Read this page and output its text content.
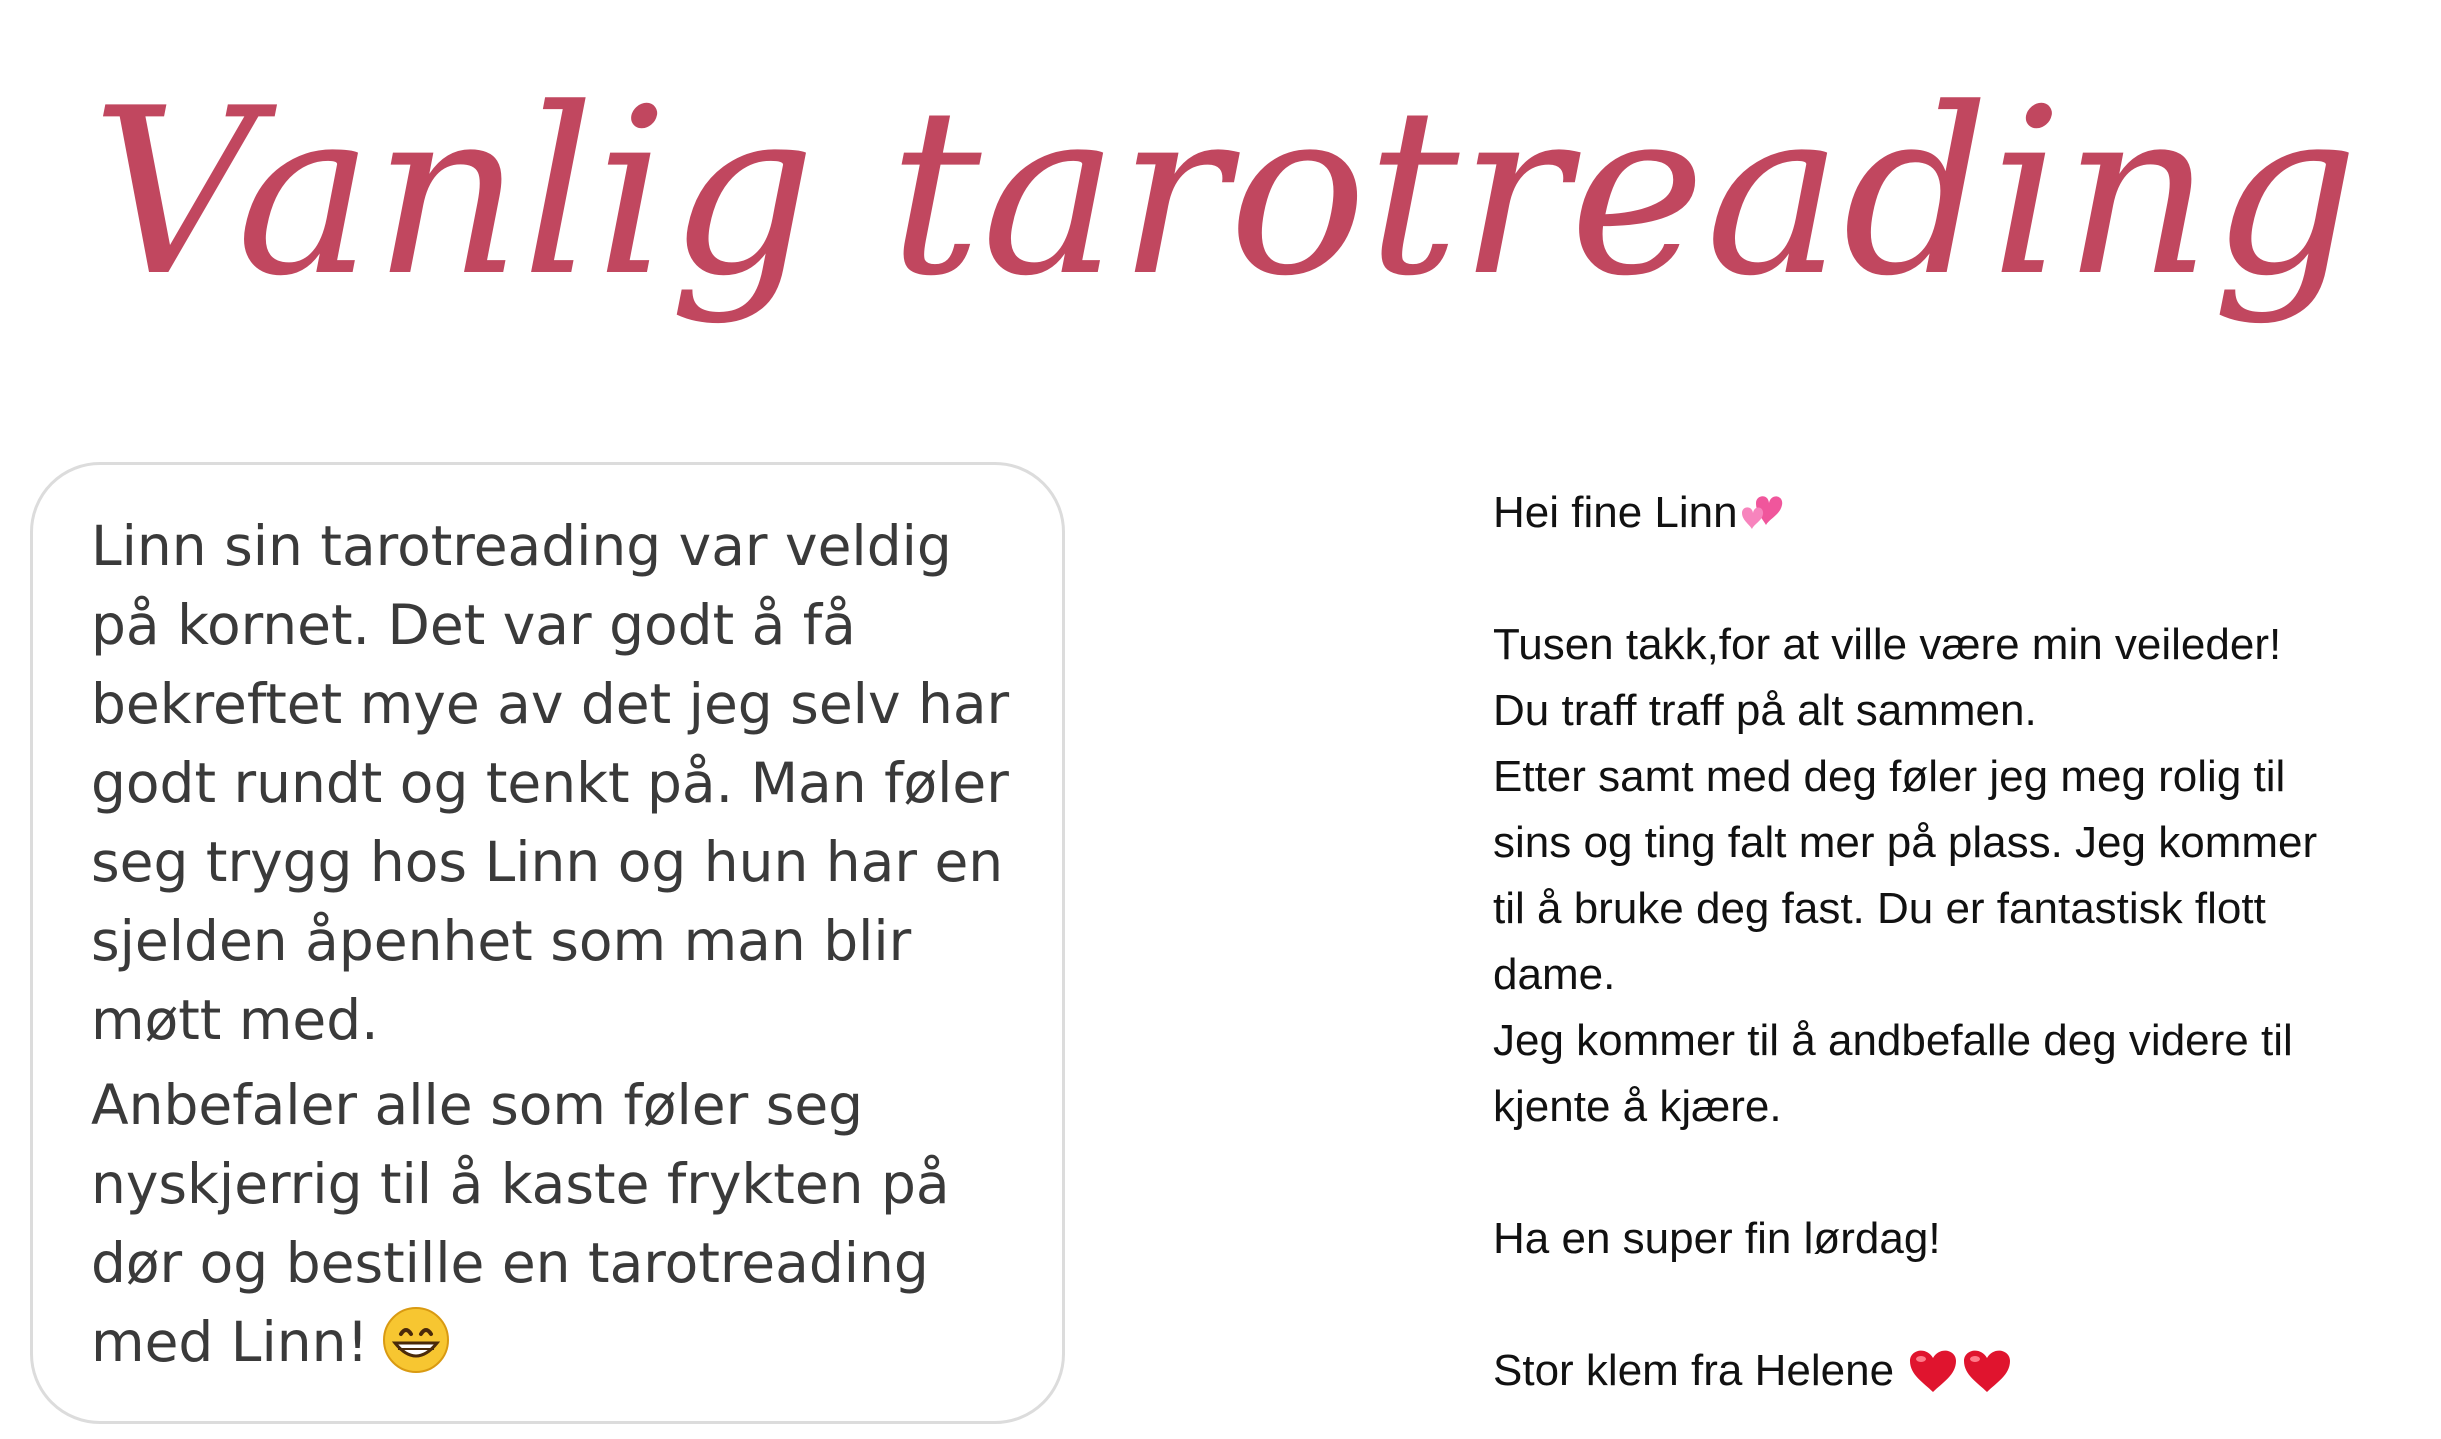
Vanlig tarotreading

Linn sin tarotreading var veldig
på kornet. Det var godt å få
bekreftet mye av det jeg selv har
godt rundt og tenkt på. Man føler
seg trygg hos Linn og hun har en
sjelden åpenhet som man blir
møtt med.

Anbefaler alle som føler seg
nyskjerrig til å kaste frykten på
dør og bestille en tarotreading
med Linn!

Hei fine Linn
Tusen takk,for at ville være min veileder!
Du traff traff på alt sammen.
Etter samt med deg føler jeg meg rolig til
sins og ting falt mer på plass. Jeg kommer
til å bruke deg fast. Du er fantastisk flott
dame.
Jeg kommer til å andbefalle deg videre til
kjente å kjære.
Ha en super fin lørdag!
Stor klem fra Helene
